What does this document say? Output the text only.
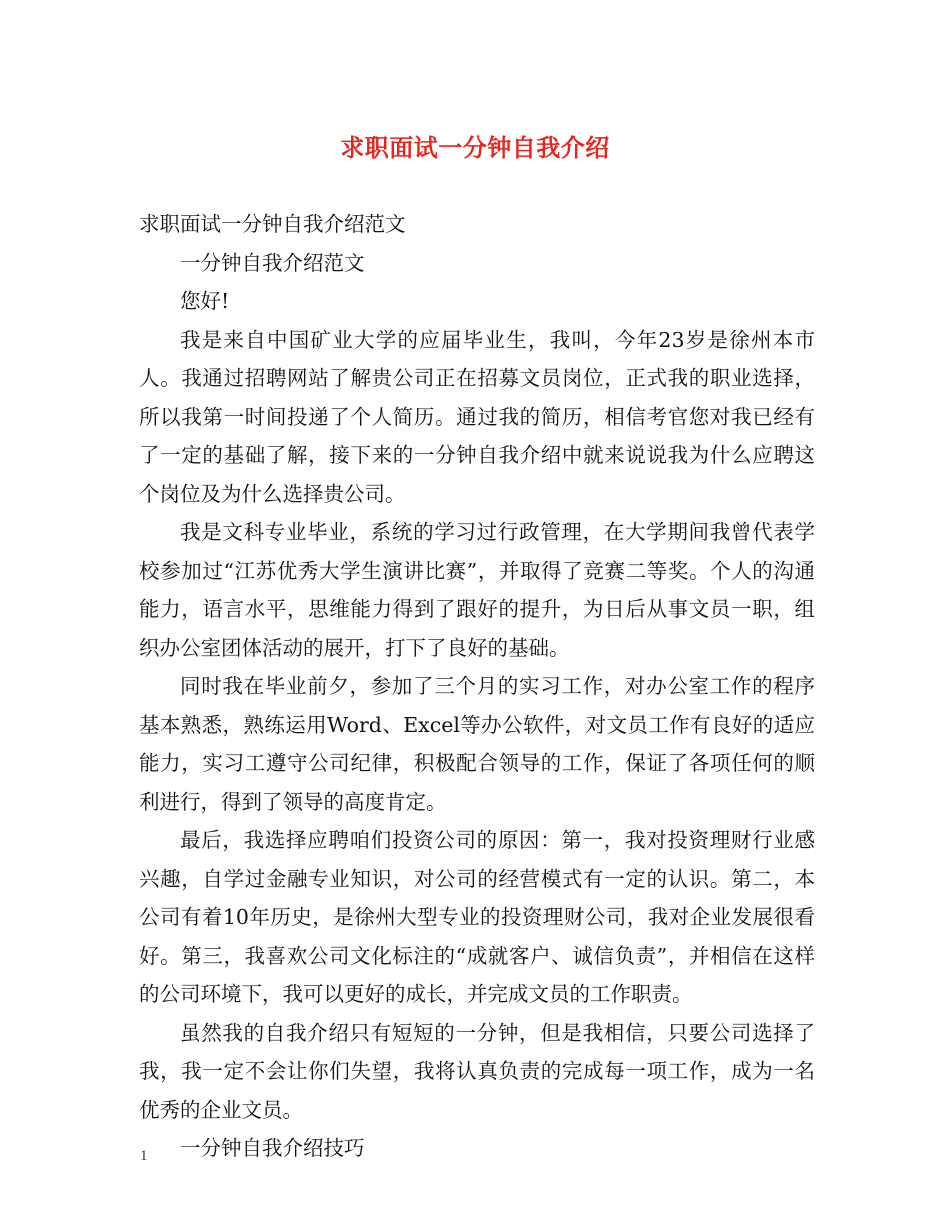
求职面试一分钟自我介绍

求职面试一分钟自我介绍范文

一分钟自我介绍范文

您好!

我是来自中国矿业大学的应届毕业生，我叫，今年23岁是徐州本市人。我通过招聘网站了解贵公司正在招募文员岗位，正式我的职业选择，所以我第一时间投递了个人简历。通过我的简历，相信考官您对我已经有了一定的基础了解，接下来的一分钟自我介绍中就来说说我为什么应聘这个岗位及为什么选择贵公司。

我是文科专业毕业，系统的学习过行政管理，在大学期间我曾代表学校参加过“江苏优秀大学生演讲比赛”，并取得了竞赛二等奖。个人的沟通能力，语言水平，思维能力得到了跟好的提升，为日后从事文员一职，组织办公室团体活动的展开，打下了良好的基础。

同时我在毕业前夕，参加了三个月的实习工作，对办公室工作的程序基本熟悉，熟练运用Word、Excel等办公软件，对文员工作有良好的适应能力，实习工遵守公司纪律，积极配合领导的工作，保证了各项任何的顺利进行，得到了领导的高度肯定。

最后，我选择应聘咱们投资公司的原因：第一，我对投资理财行业感兴趣，自学过金融专业知识，对公司的经营模式有一定的认识。第二，本公司有着10年历史，是徐州大型专业的投资理财公司，我对企业发展很看好。第三，我喜欢公司文化标注的“成就客户、诚信负责”，并相信在这样的公司环境下，我可以更好的成长，并完成文员的工作职责。

虽然我的自我介绍只有短短的一分钟，但是我相信，只要公司选择了我，我一定不会让你们失望，我将认真负责的完成每一项工作，成为一名优秀的企业文员。

一分钟自我介绍技巧

1
